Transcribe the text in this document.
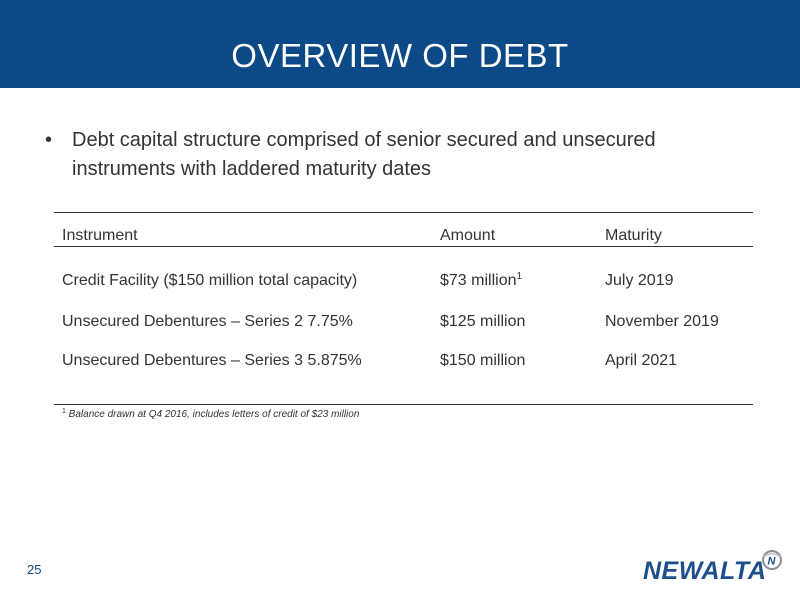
OVERVIEW OF DEBT
• Debt capital structure comprised of senior secured and unsecured instruments with laddered maturity dates
Instrument	Amount	Maturity
Credit Facility ($150 million total capacity)	$73 million$^1$	July 2019
Unsecured Debentures – Series 2 7.75%	$125 million	November 2019
Unsecured Debentures – Series 3 5.875%	$150 million	April 2021
$^1$ Balance drawn at Q4 2016, includes letters of credit of $23 million
25	NEWALTA N
